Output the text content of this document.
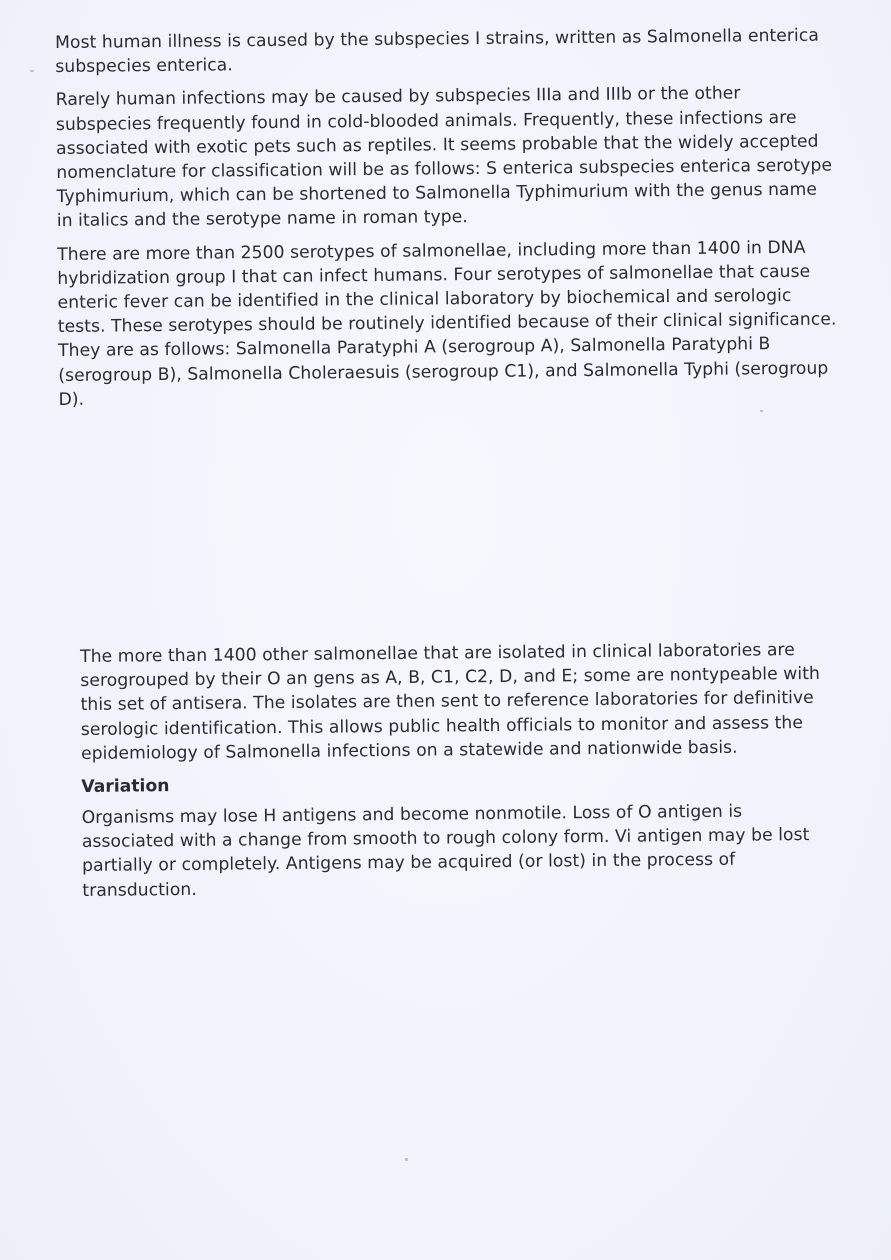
Most human illness is caused by the subspecies I strains, written as Salmonella enterica subspecies enterica.

Rarely human infections may be caused by subspecies IIIa and IIIb or the other subspecies frequently found in cold-blooded animals. Frequently, these infections are associated with exotic pets such as reptiles. It seems probable that the widely accepted nomenclature for classification will be as follows: S enterica subspecies enterica serotype Typhimurium, which can be shortened to Salmonella Typhimurium with the genus name in italics and the serotype name in roman type.

There are more than 2500 serotypes of salmonellae, including more than 1400 in DNA hybridization group I that can infect humans. Four serotypes of salmonellae that cause enteric fever can be identified in the clinical laboratory by biochemical and serologic tests. These serotypes should be routinely identified because of their clinical significance. They are as follows: Salmonella Paratyphi A (serogroup A), Salmonella Paratyphi B (serogroup B), Salmonella Choleraesuis (serogroup C1), and Salmonella Typhi (serogroup D).

The more than 1400 other salmonellae that are isolated in clinical laboratories are serogrouped by their O an gens as A, B, C1, C2, D, and E; some are nontypeable with this set of antisera. The isolates are then sent to reference laboratories for definitive serologic identification. This allows public health officials to monitor and assess the epidemiology of Salmonella infections on a statewide and nationwide basis.

Variation

Organisms may lose H antigens and become nonmotile. Loss of O antigen is associated with a change from smooth to rough colony form. Vi antigen may be lost partially or completely. Antigens may be acquired (or lost) in the process of transduction.
